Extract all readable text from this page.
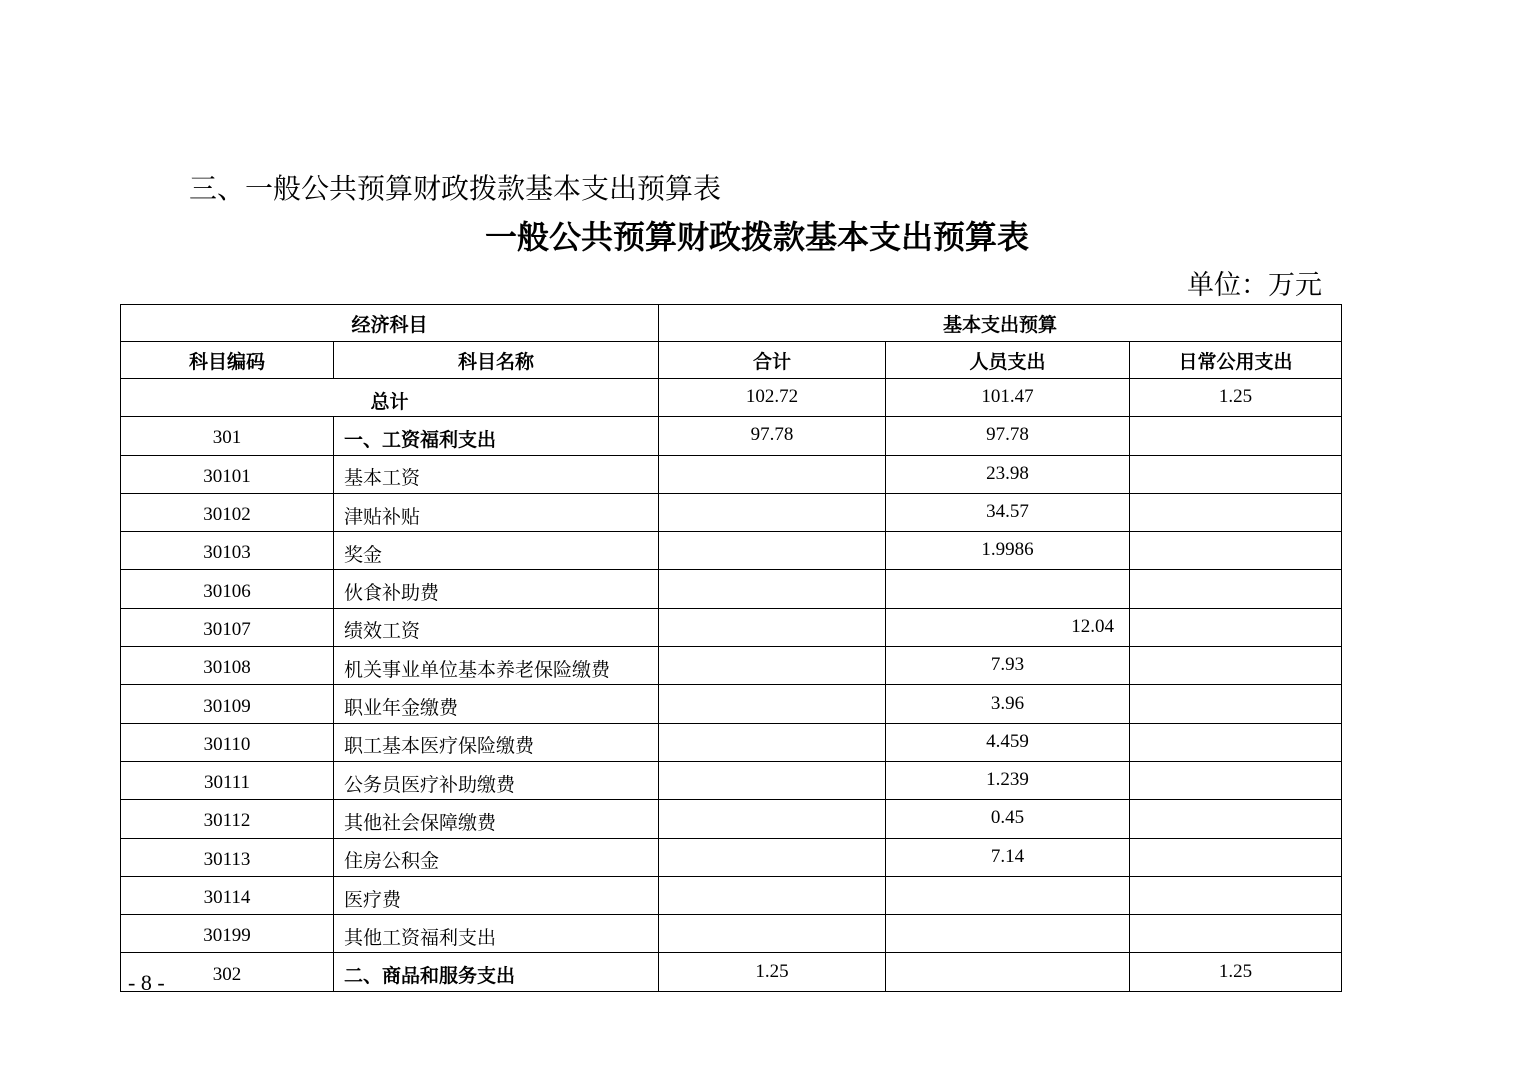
三、一般公共预算财政拨款基本支出预算表
一般公共预算财政拨款基本支出预算表
单位：万元
经济科目		基本支出预算		
科目编码	科目名称	合计	人员支出	日常公用支出
总计		102.72	101.47	1.25
301	一、工资福利支出	97.78	97.78	
30101	基本工资		23.98	
30102	津贴补贴		34.57	
30103	奖金		1.9986	
30106	伙食补助费			
30107	绩效工资		12.04	
30108	机关事业单位基本养老保险缴费		7.93	
30109	职业年金缴费		3.96	
30110	职工基本医疗保险缴费		4.459	
30111	公务员医疗补助缴费		1.239	
30112	其他社会保障缴费		0.45	
30113	住房公积金		7.14	
30114	医疗费			
30199	其他工资福利支出			
302	二、商品和服务支出	1.25		1.25
- 8 -
